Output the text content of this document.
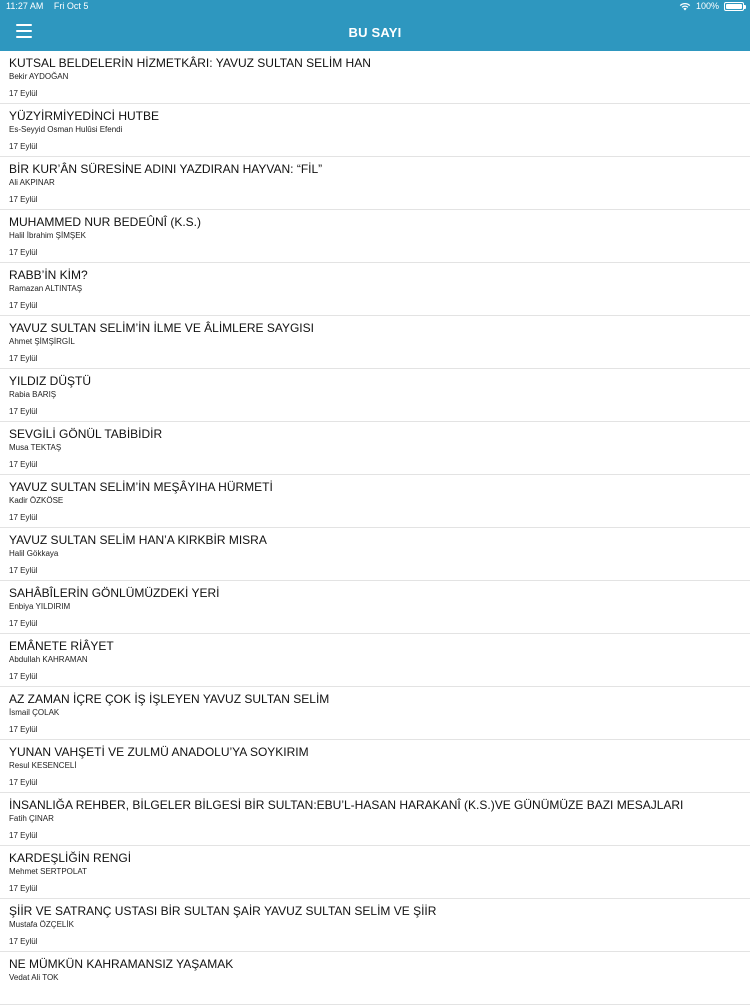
11:27 AM Fri Oct 5	100%
BU SAYI
KUTSAL BELDELERİN HİZMETKÂRI: YAVUZ SULTAN SELİM HAN
Bekir AYDOĞAN
17 Eylül
YÜZYİRMİYEDİNCİ HUTBE
Es-Seyyid Osman Hulûsi Efendi
17 Eylül
BİR KUR’ÂN SÜRESİNE ADINI YAZDIRAN HAYVAN: “FİL”
Ali AKPINAR
17 Eylül
MUHAMMED NUR BEDEÛNÎ (K.S.)
Halil İbrahim ŞİMŞEK
17 Eylül
RABB’İN KİM?
Ramazan ALTINTAŞ
17 Eylül
YAVUZ SULTAN SELİM’İN İLME VE ÂLİMLERE SAYGISI
Ahmet ŞİMŞİRGİL
17 Eylül
YILDIZ DÜŞTÜ
Rabia BARIŞ
17 Eylül
SEVGİLİ GÖNÜL TABİBİDİR
Musa TEKTAŞ
17 Eylül
YAVUZ SULTAN SELİM’İN MEŞÂYIHA HÜRMETİ
Kadir ÖZKÖSE
17 Eylül
YAVUZ SULTAN SELİM HAN’A KIRKBİR MISRA
Halil Gökkaya
17 Eylül
SAHÂBÎLERİN GÖNLÜMÜZDEKİ YERİ
Enbiya YILDIRIM
17 Eylül
EMÂNETE RİÂYET
Abdullah KAHRAMAN
17 Eylül
AZ ZAMAN İÇRE ÇOK İŞ İŞLEYEN YAVUZ SULTAN SELİM
İsmail ÇOLAK
17 Eylül
YUNAN VAHŞETİ VE ZULMÜ ANADOLU’YA SOYKIRIM
Resul KESENCELİ
17 Eylül
İNSANLIĞA REHBER, BİLGELER BİLGESİ BİR SULTAN:EBU’L-HASAN HARAKANÎ (K.S.)VE GÜNÜMÜZE BAZI MESAJLARI
Fatih ÇINAR
17 Eylül
KARDEŞLİĞİN RENGİ
Mehmet SERTPOLAT
17 Eylül
ŞİİR VE SATRANÇ USTASI BİR SULTAN ŞAİR YAVUZ SULTAN SELİM VE ŞİİR
Mustafa ÖZÇELİK
17 Eylül
NE MÜMKÜN KAHRAMANSIZ YAŞAMAK
Vedat Ali TOK
